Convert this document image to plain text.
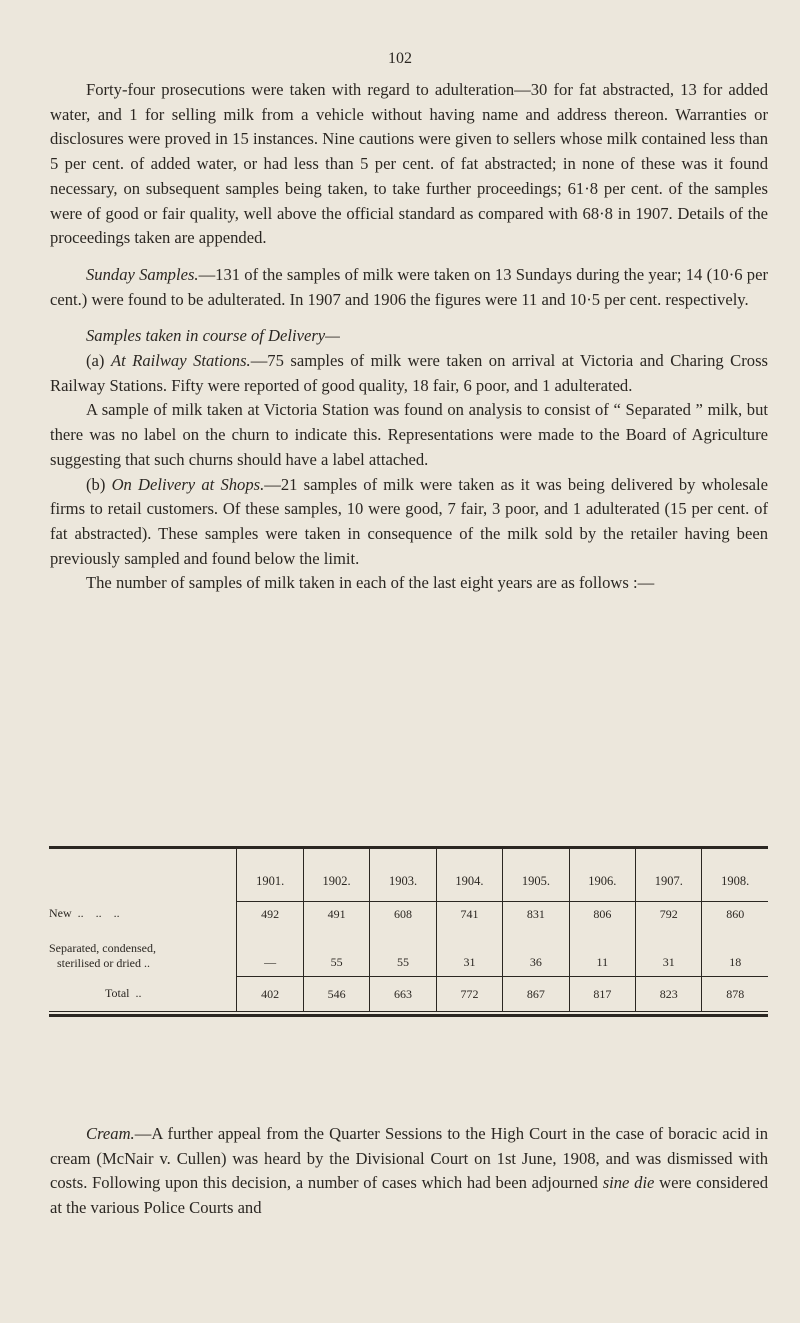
102

Forty-four prosecutions were taken with regard to adulteration—30 for fat abstracted, 13 for added water, and 1 for selling milk from a vehicle without having name and address thereon. Warranties or disclosures were proved in 15 instances. Nine cautions were given to sellers whose milk contained less than 5 per cent. of added water, or had less than 5 per cent. of fat abstracted; in none of these was it found necessary, on subsequent samples being taken, to take further proceedings; 61·8 per cent. of the samples were of good or fair quality, well above the official standard as compared with 68·8 in 1907. Details of the proceedings taken are appended.

Sunday Samples.—131 of the samples of milk were taken on 13 Sundays during the year; 14 (10·6 per cent.) were found to be adulterated. In 1907 and 1906 the figures were 11 and 10·5 per cent. respectively.

Samples taken in course of Delivery—

(a) At Railway Stations.—75 samples of milk were taken on arrival at Victoria and Charing Cross Railway Stations. Fifty were reported of good quality, 18 fair, 6 poor, and 1 adulterated.

A sample of milk taken at Victoria Station was found on analysis to consist of “ Separated ” milk, but there was no label on the churn to indicate this. Representations were made to the Board of Agriculture suggesting that such churns should have a label attached.

(b) On Delivery at Shops.—21 samples of milk were taken as it was being delivered by wholesale firms to retail customers. Of these samples, 10 were good, 7 fair, 3 poor, and 1 adulterated (15 per cent. of fat abstracted). These samples were taken in consequence of the milk sold by the retailer having been previously sampled and found below the limit.

The number of samples of milk taken in each of the last eight years are as follows :—

	1901.	1902.	1903.	1904.	1905.	1906.	1907.	1908.
New  ..    ..    ..	492	491	608	741	831	806	792	860

Separated, condensed,
sterilised or dried ..	—	55	55	31	36	11	31	18
Total  ..	402	546	663	772	867	817	823	878

Cream.—A further appeal from the Quarter Sessions to the High Court in the case of boracic acid in cream (McNair v. Cullen) was heard by the Divisional Court on 1st June, 1908, and was dismissed with costs. Following upon this decision, a number of cases which had been adjourned sine die were considered at the various Police Courts and
